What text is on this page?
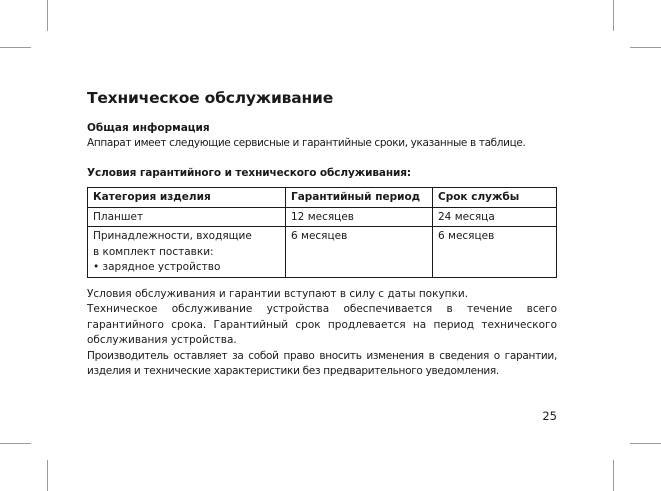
Техническое обслуживание

Общая информация

Аппарат имеет следующие сервисные и гарантийные сроки, указанные в таблице.

Условия гарантийного и технического обслуживания:

Категория изделия	Гарантийный период	Срок службы
Планшет	12 месяцев	24 месяца

Принадлежности, входящие
в комплект поставки:
• зарядное устройство	6 месяцев	6 месяцев

Условия обслуживания и гарантии вступают в силу с даты покупки.

Техническое обслуживание устройства обеспечивается в течение всего гарантийного срока. Гарантийный срок продлевается на период технического обслуживания устройства.

Производитель оставляет за собой право вносить изменения в сведения о гарантии, изделия и технические характеристики без предварительного уведомления.

25
